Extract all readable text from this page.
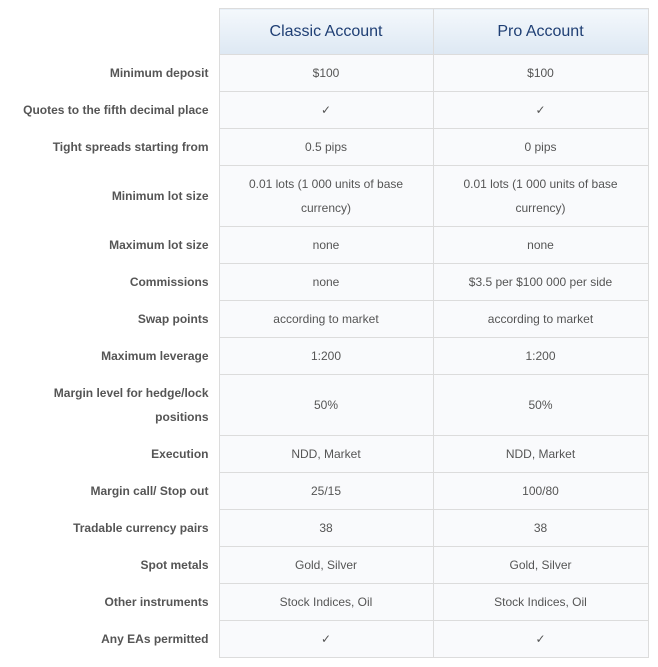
	Classic Account	Pro Account
Minimum deposit	$100	$100
Quotes to the fifth decimal place	✓	✓
Tight spreads starting from	0.5 pips	0 pips
Minimum lot size	0.01 lots (1 000 units of base currency)	0.01 lots (1 000 units of base currency)
Maximum lot size	none	none
Commissions	none	$3.5 per $100 000 per side
Swap points	according to market	according to market
Maximum leverage	1:200	1:200
Margin level for hedge/lock positions	50%	50%
Execution	NDD, Market	NDD, Market
Margin call/ Stop out	25/15	100/80
Tradable currency pairs	38	38
Spot metals	Gold, Silver	Gold, Silver
Other instruments	Stock Indices, Oil	Stock Indices, Oil
Any EAs permitted	✓	✓
